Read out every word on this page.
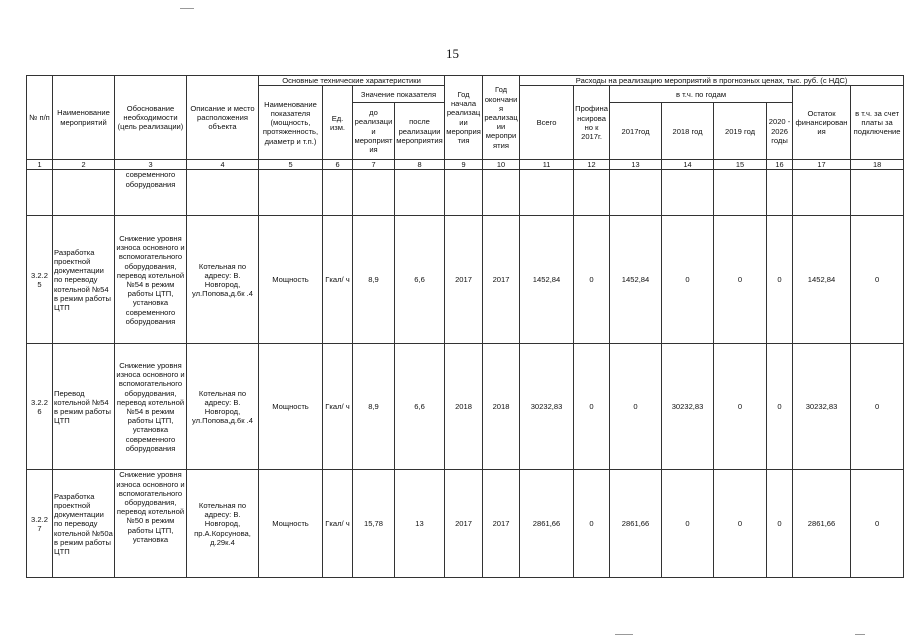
15
№ п/п	Наименование мероприятий	Обоснование необходимости (цель реализации)	Описание и место расположения объекта	Основные технические характеристики				Год начала реализации мероприятия	Год окончания реализации мероприятия	Расходы на реализацию мероприятий в прогнозных ценах, тыс. руб. (с НДС)							
				Наименование показателя (мощность, протяженность, диаметр и т.п.)	Ед. изм.	Значение показателя				Всего	Профинансировано к 2017г.	в т.ч. по годам				Остаток финансирования	в т.ч. за счет платы за подключение
						до реализации мероприятия	после реализации мероприятия					2017год	2018 год	2019 год	2020 - 2026 годы		
1	2	3	4	5	6	7	8	9	10	11	12	13	14	15	16	17	18
		современного оборудования															
3.2.2 5	Разработка проектной документации по переводу котельной №54 в режим работы ЦТП	Снижение уровня износа основного и вспомогательного оборудования, перевод котельной №54 в режим работы ЦТП, установка современного оборудования	Котельная по адресу: В. Новгород, ул.Попова,д.6к .4	Мощность	Гкал/ ч	8,9	6,6	2017	2017	1452,84	0	1452,84	0	0	0	1452,84	0
3.2.2 6	Перевод котельной №54 в режим работы ЦТП	Снижение уровня износа основного и вспомогательного оборудования, перевод котельной №54 в режим работы ЦТП, установка современного оборудования	Котельная по адресу: В. Новгород, ул.Попова,д.6к .4	Мощность	Гкал/ ч	8,9	6,6	2018	2018	30232,83	0	0	30232,83	0	0	30232,83	0
3.2.2 7	Разработка проектной документации по переводу котельной №50а в режим работы ЦТП	Снижение уровня износа основного и вспомогательного оборудования, перевод котельной №50 в режим работы ЦТП, установка	Котельная по адресу: В. Новгород, пр.А.Корсунова, д.29к.4	Мощность	Гкал/ ч	15,78	13	2017	2017	2861,66	0	2861,66	0	0	0	2861,66	0
